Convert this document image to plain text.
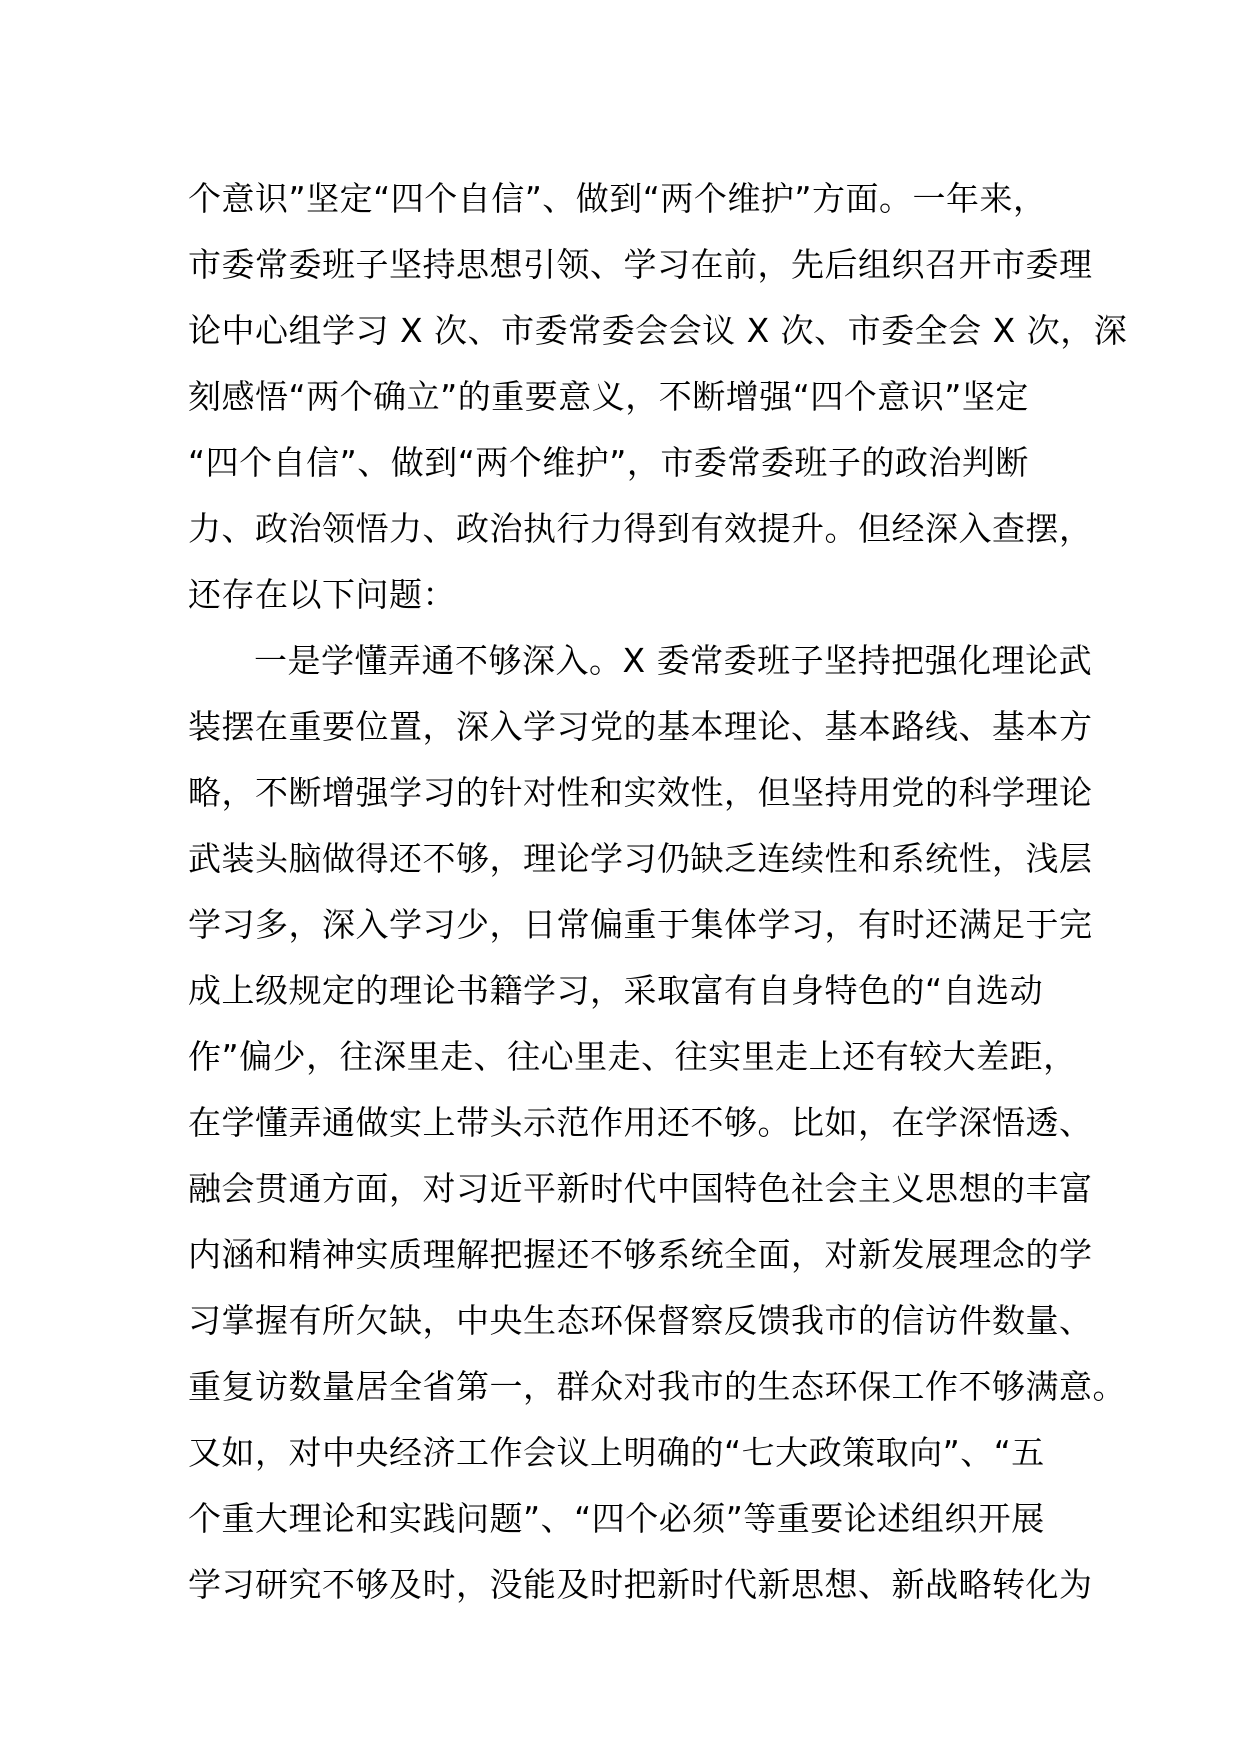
个意识”坚定“四个自信”、做到“两个维护”方面。一年来，
市委常委班子坚持思想引领、学习在前，先后组织召开市委理
论中心组学习 X 次、市委常委会会议 X 次、市委全会 X 次，深
刻感悟“两个确立”的重要意义，不断增强“四个意识”坚定
“四个自信”、做到“两个维护”，市委常委班子的政治判断
力、政治领悟力、政治执行力得到有效提升。但经深入查摆，
还存在以下问题：
一是学懂弄通不够深入。X 委常委班子坚持把强化理论武
装摆在重要位置，深入学习党的基本理论、基本路线、基本方
略，不断增强学习的针对性和实效性，但坚持用党的科学理论
武装头脑做得还不够，理论学习仍缺乏连续性和系统性，浅层
学习多，深入学习少，日常偏重于集体学习，有时还满足于完
成上级规定的理论书籍学习，采取富有自身特色的“自选动
作”偏少，往深里走、往心里走、往实里走上还有较大差距，
在学懂弄通做实上带头示范作用还不够。比如，在学深悟透、
融会贯通方面，对习近平新时代中国特色社会主义思想的丰富
内涵和精神实质理解把握还不够系统全面，对新发展理念的学
习掌握有所欠缺，中央生态环保督察反馈我市的信访件数量、
重复访数量居全省第一，群众对我市的生态环保工作不够满意。
又如，对中央经济工作会议上明确的“七大政策取向”、“五
个重大理论和实践问题”、“四个必须”等重要论述组织开展
学习研究不够及时，没能及时把新时代新思想、新战略转化为
